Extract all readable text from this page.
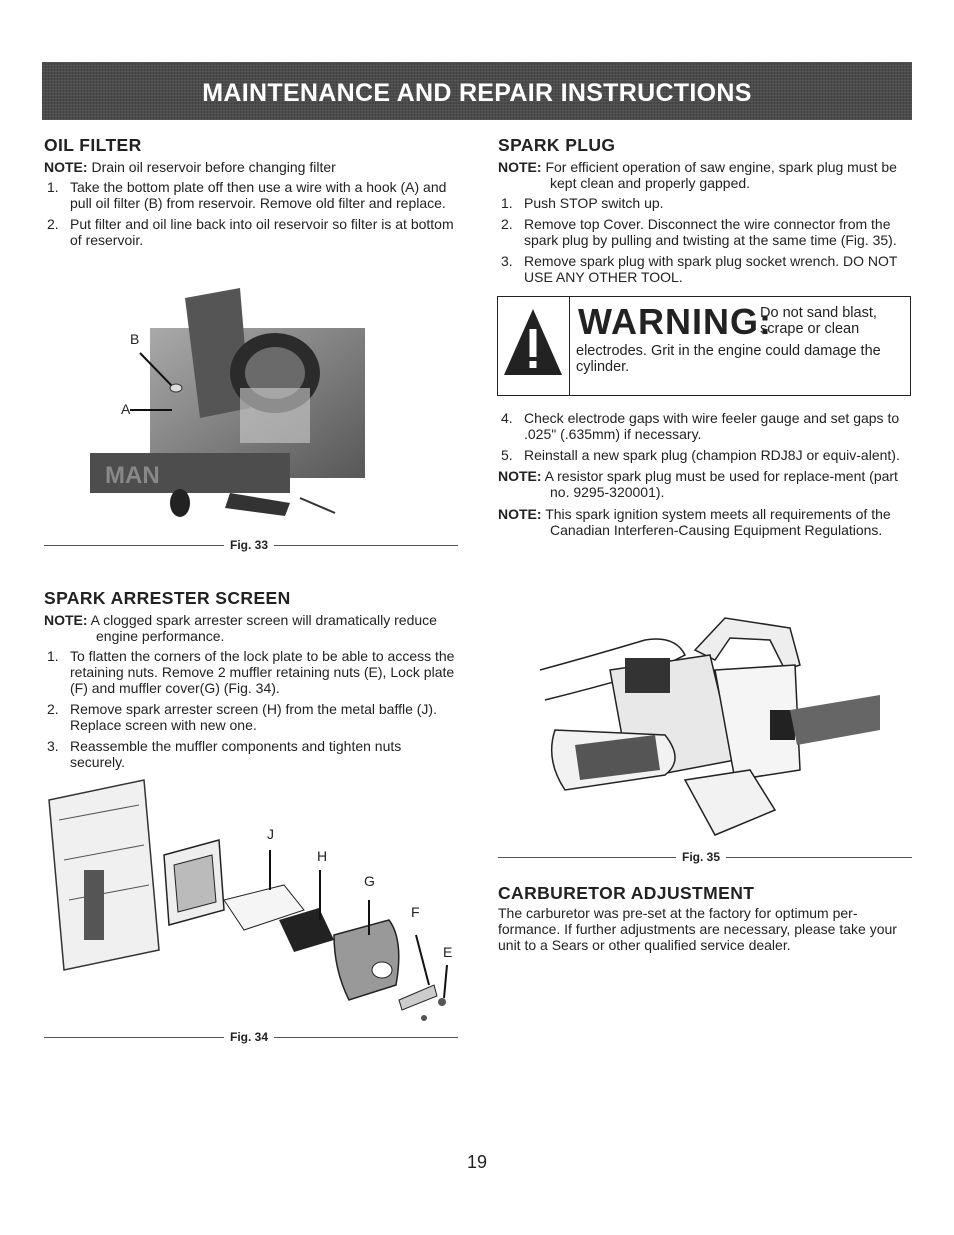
MAINTENANCE AND REPAIR INSTRUCTIONS
OIL FILTER
NOTE: Drain oil reservoir before changing filter
1. Take the bottom plate off then use a wire with a hook (A) and pull oil filter (B) from reservoir. Remove old filter and replace.
2. Put filter and oil line back into oil reservoir so filter is at bottom of reservoir.
MAN
B
A
Fig. 33
SPARK ARRESTER SCREEN
NOTE: A clogged spark arrester screen will dramatically reduce engine performance.
1. To flatten the corners of the lock plate to be able to access the retaining nuts. Remove 2 muffler retaining nuts (E), Lock plate (F) and muffler cover(G) (Fig. 34).
2. Remove spark arrester screen (H) from the metal baffle (J). Replace screen with new one.
3. Reassemble the muffler components and tighten nuts securely.
J
H
G
F
E
Fig. 34
SPARK PLUG
NOTE: For efficient operation of saw engine, spark plug must be kept clean and properly gapped.
1. Push STOP switch up.
2. Remove top Cover. Disconnect the wire connector from the spark plug by pulling and twisting at the same time (Fig. 35).
3. Remove spark plug with spark plug socket wrench. DO NOT USE ANY OTHER TOOL.
WARNING:
Do not sand blast, scrape or clean
electrodes. Grit in the engine could damage the cylinder.
4. Check electrode gaps with wire feeler gauge and set gaps to .025" (.635mm) if necessary.
5. Reinstall a new spark plug (champion RDJ8J or equiv-alent).
NOTE: A resistor spark plug must be used for replace-ment (part no. 9295-320001).
NOTE: This spark ignition system meets all requirements of the Canadian Interferen-Causing Equipment Regulations.
Fig. 35
CARBURETOR ADJUSTMENT
The carburetor was pre-set at the factory for optimum per-formance. If further adjustments are necessary, please take your unit to a Sears or other qualified service dealer.
19
